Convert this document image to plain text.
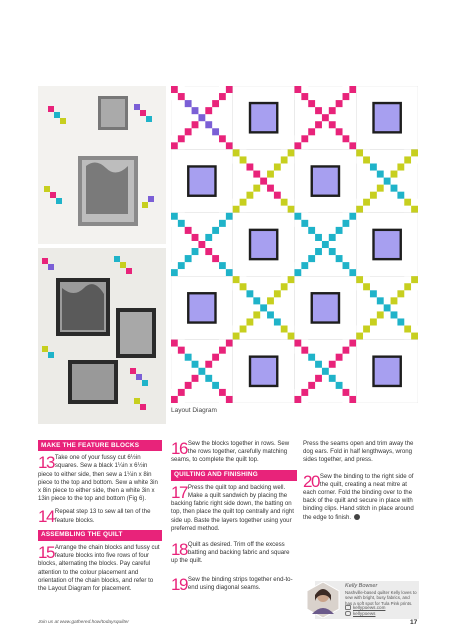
Layout Diagram
MAKE THE FEATURE BLOCKS
13 Take one of your fussy cut 6½in squares. Sew a black 1¼in x 6½in piece to either side, then sew a 1¼in x 8in piece to the top and bottom. Sew a white 3in x 8in piece to either side, then a white 3in x 13in piece to the top and bottom (Fig 6).

14 Repeat step 13 to sew all ten of the feature blocks.

ASSEMBLING THE QUILT
15 Arrange the chain blocks and fussy cut feature blocks into five rows of four blocks, alternating the blocks. Pay careful attention to the colour placement and orientation of the chain blocks, and refer to the Layout Diagram for placement.

16 Sew the blocks together in rows. Sew the rows together, carefully matching seams, to complete the quilt top.

QUILTING AND FINISHING
17 Press the quilt top and backing well. Make a quilt sandwich by placing the backing fabric right side down, the batting on top, then place the quilt top centrally and right side up. Baste the layers together using your preferred method.

18 Quilt as desired. Trim off the excess batting and backing fabric and square up the quilt.

19 Sew the binding strips together end-to-end using diagonal seams.

Press the seams open and trim away the dog ears. Fold in half lengthways, wrong sides together, and press.

20 Sew the binding to the right side of the quilt, creating a neat mitre at each corner. Fold the binding over to the back of the quilt and secure in place with binding clips. Hand stitch in place around the edge to finish.

Kelly Bowser
Nashville-based quilter Kelly loves to sew with bright, busy fabrics, and has a soft spot for Tula Pink prints.
kellypoews.com
kellypoews
Join us at www.gathered.how/todaysquilter	17
